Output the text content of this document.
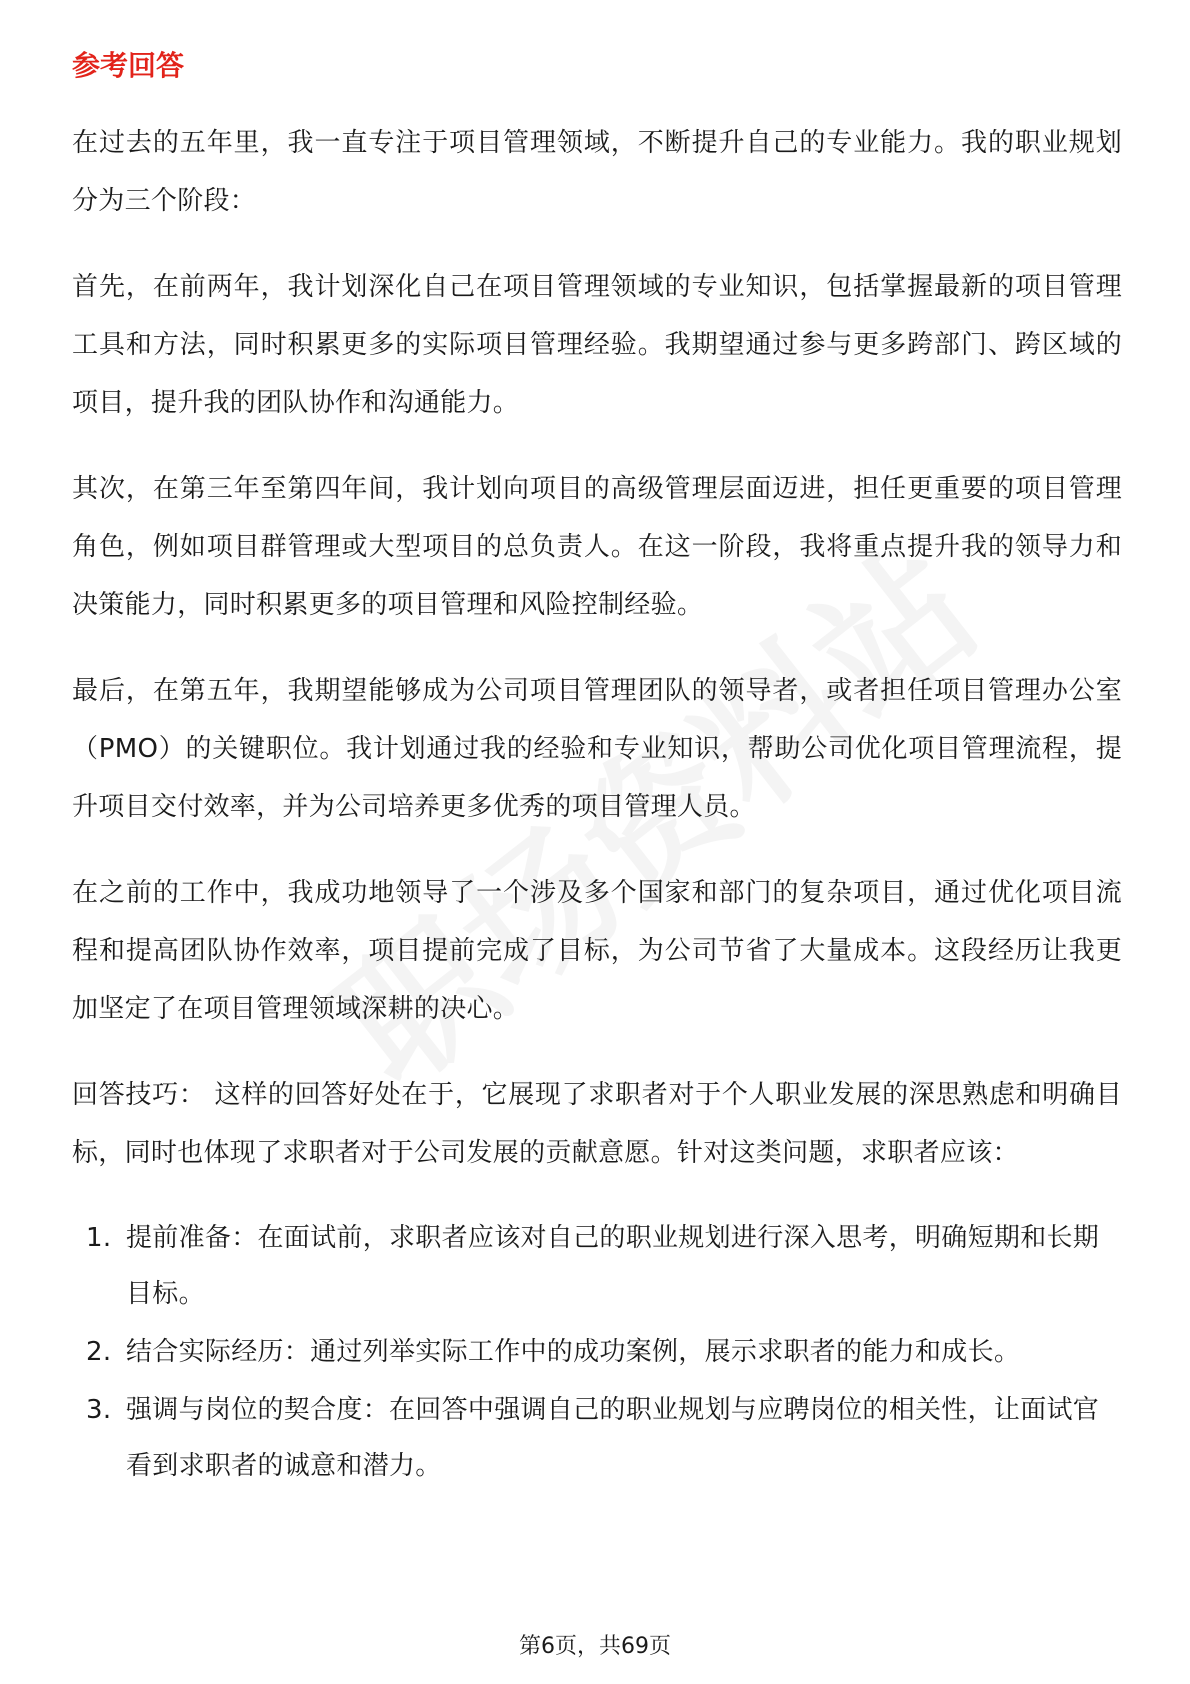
参考回答

在过去的五年里，我一直专注于项目管理领域，不断提升自己的专业能力。我的职业规划分为三个阶段：

首先，在前两年，我计划深化自己在项目管理领域的专业知识，包括掌握最新的项目管理工具和方法，同时积累更多的实际项目管理经验。我期望通过参与更多跨部门、跨区域的项目，提升我的团队协作和沟通能力。

其次，在第三年至第四年间，我计划向项目的高级管理层面迈进，担任更重要的项目管理角色，例如项目群管理或大型项目的总负责人。在这一阶段，我将重点提升我的领导力和决策能力，同时积累更多的项目管理和风险控制经验。

最后，在第五年，我期望能够成为公司项目管理团队的领导者，或者担任项目管理办公室（PMO）的关键职位。我计划通过我的经验和专业知识，帮助公司优化项目管理流程，提升项目交付效率，并为公司培养更多优秀的项目管理人员。

在之前的工作中，我成功地领导了一个涉及多个国家和部门的复杂项目，通过优化项目流程和提高团队协作效率，项目提前完成了目标，为公司节省了大量成本。这段经历让我更加坚定了在项目管理领域深耕的决心。

回答技巧： 这样的回答好处在于，它展现了求职者对于个人职业发展的深思熟虑和明确目标，同时也体现了求职者对于公司发展的贡献意愿。针对这类问题，求职者应该：

1. 提前准备：在面试前，求职者应该对自己的职业规划进行深入思考，明确短期和长期目标。
2. 结合实际经历：通过列举实际工作中的成功案例，展示求职者的能力和成长。
3. 强调与岗位的契合度：在回答中强调自己的职业规划与应聘岗位的相关性，让面试官看到求职者的诚意和潜力。
第6页，共69页
